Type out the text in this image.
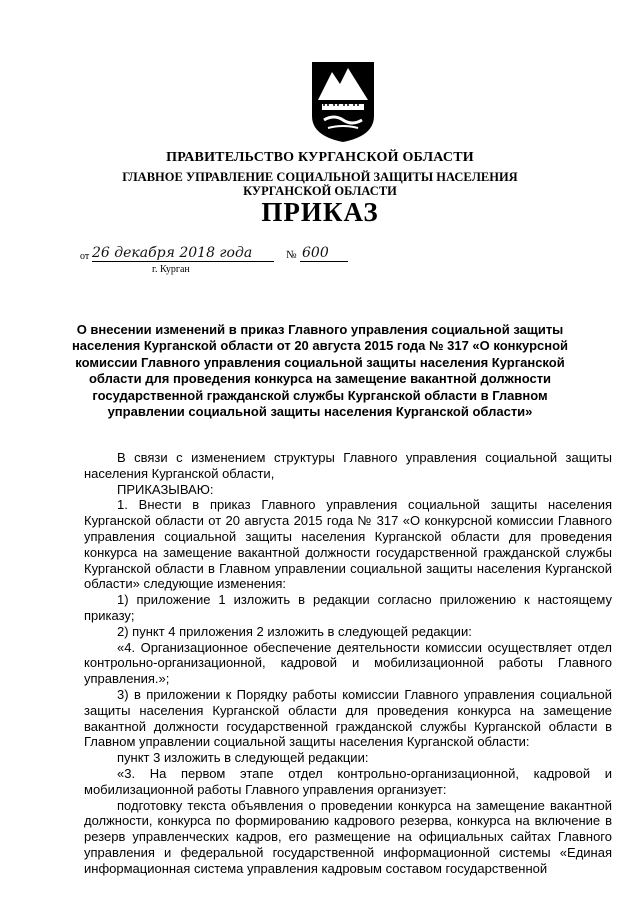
ПРАВИТЕЛЬСТВО КУРГАНСКОЙ ОБЛАСТИ
ГЛАВНОЕ УПРАВЛЕНИЕ СОЦИАЛЬНОЙ ЗАЩИТЫ НАСЕЛЕНИЯ
КУРГАНСКОЙ ОБЛАСТИ
ПРИКАЗ
от 26 декабря 2018 года	№ 600
г. Курган
О внесении изменений в приказ Главного управления социальной защиты населения Курганской области от 20 августа 2015 года № 317 «О конкурсной комиссии Главного управления социальной защиты населения Курганской области для проведения конкурса на замещение вакантной должности государственной гражданской службы Курганской области в Главном управлении социальной защиты населения Курганской области»

В связи с изменением структуры Главного управления социальной защиты населения Курганской области,

ПРИКАЗЫВАЮ:

1. Внести в приказ Главного управления социальной защиты населения Курганской области от 20 августа 2015 года № 317 «О конкурсной комиссии Главного управления социальной защиты населения Курганской области для проведения конкурса на замещение вакантной должности государственной гражданской службы Курганской области в Главном управлении социальной защиты населения Курганской области» следующие изменения:

1) приложение 1 изложить в редакции согласно приложению к настоящему приказу;

2) пункт 4 приложения 2 изложить в следующей редакции:

«4. Организационное обеспечение деятельности комиссии осуществляет отдел контрольно-организационной, кадровой и мобилизационной работы Главного управления.»;

3) в приложении к Порядку работы комиссии Главного управления социальной защиты населения Курганской области для проведения конкурса на замещение вакантной должности государственной гражданской службы Курганской области в Главном управлении социальной защиты населения Курганской области:

пункт 3 изложить в следующей редакции:

«3. На первом этапе отдел контрольно-организационной, кадровой и мобилизационной работы Главного управления организует:

подготовку текста объявления о проведении конкурса на замещение вакантной должности, конкурса по формированию кадрового резерва, конкурса на включение в резерв управленческих кадров, его размещение на официальных сайтах Главного управления и федеральной государственной информационной системы «Единая информационная система управления кадровым составом государственной
